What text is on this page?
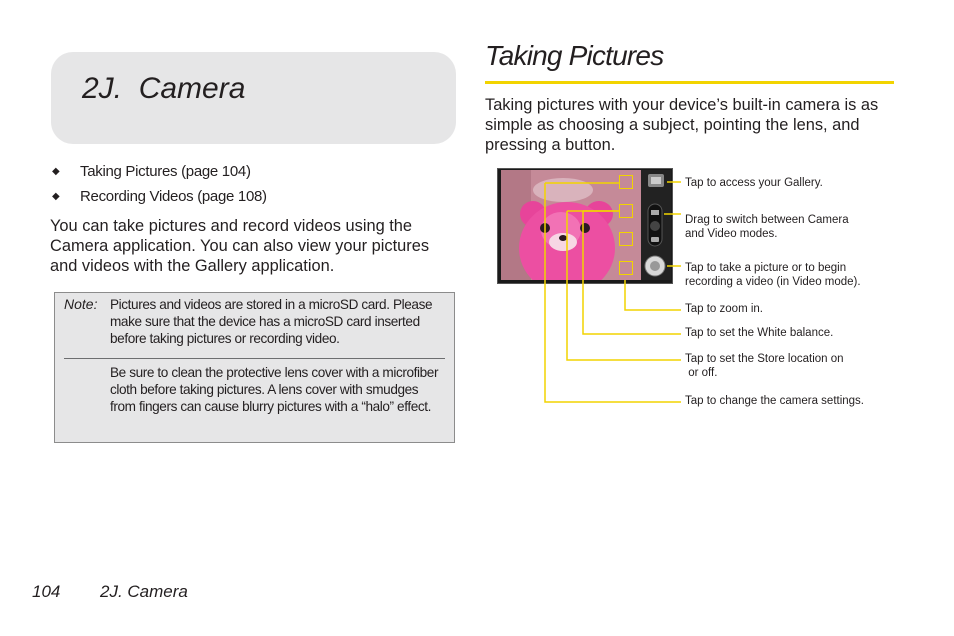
2J.  Camera
◆ Taking Pictures (page 104)
◆ Recording Videos (page 108)
You can take pictures and record videos using the Camera application. You can also view your pictures and videos with the Gallery application.
Note: Pictures and videos are stored in a microSD card. Please make sure that the device has a microSD card inserted before taking pictures or recording video.
Be sure to clean the protective lens cover with a microfiber cloth before taking pictures. A lens cover with smudges from fingers can cause blurry pictures with a “halo” effect.
Taking Pictures
Taking pictures with your device’s built-in camera is as simple as choosing a subject, pointing the lens, and pressing a button.
Tap to access your Gallery.
Drag to switch between Camera
and Video modes.
Tap to take a picture or to begin
recording a video (in Video mode).
Tap to zoom in.
Tap to set the White balance.
Tap to set the Store location on
or off.
Tap to change the camera settings.
104 2J. Camera
